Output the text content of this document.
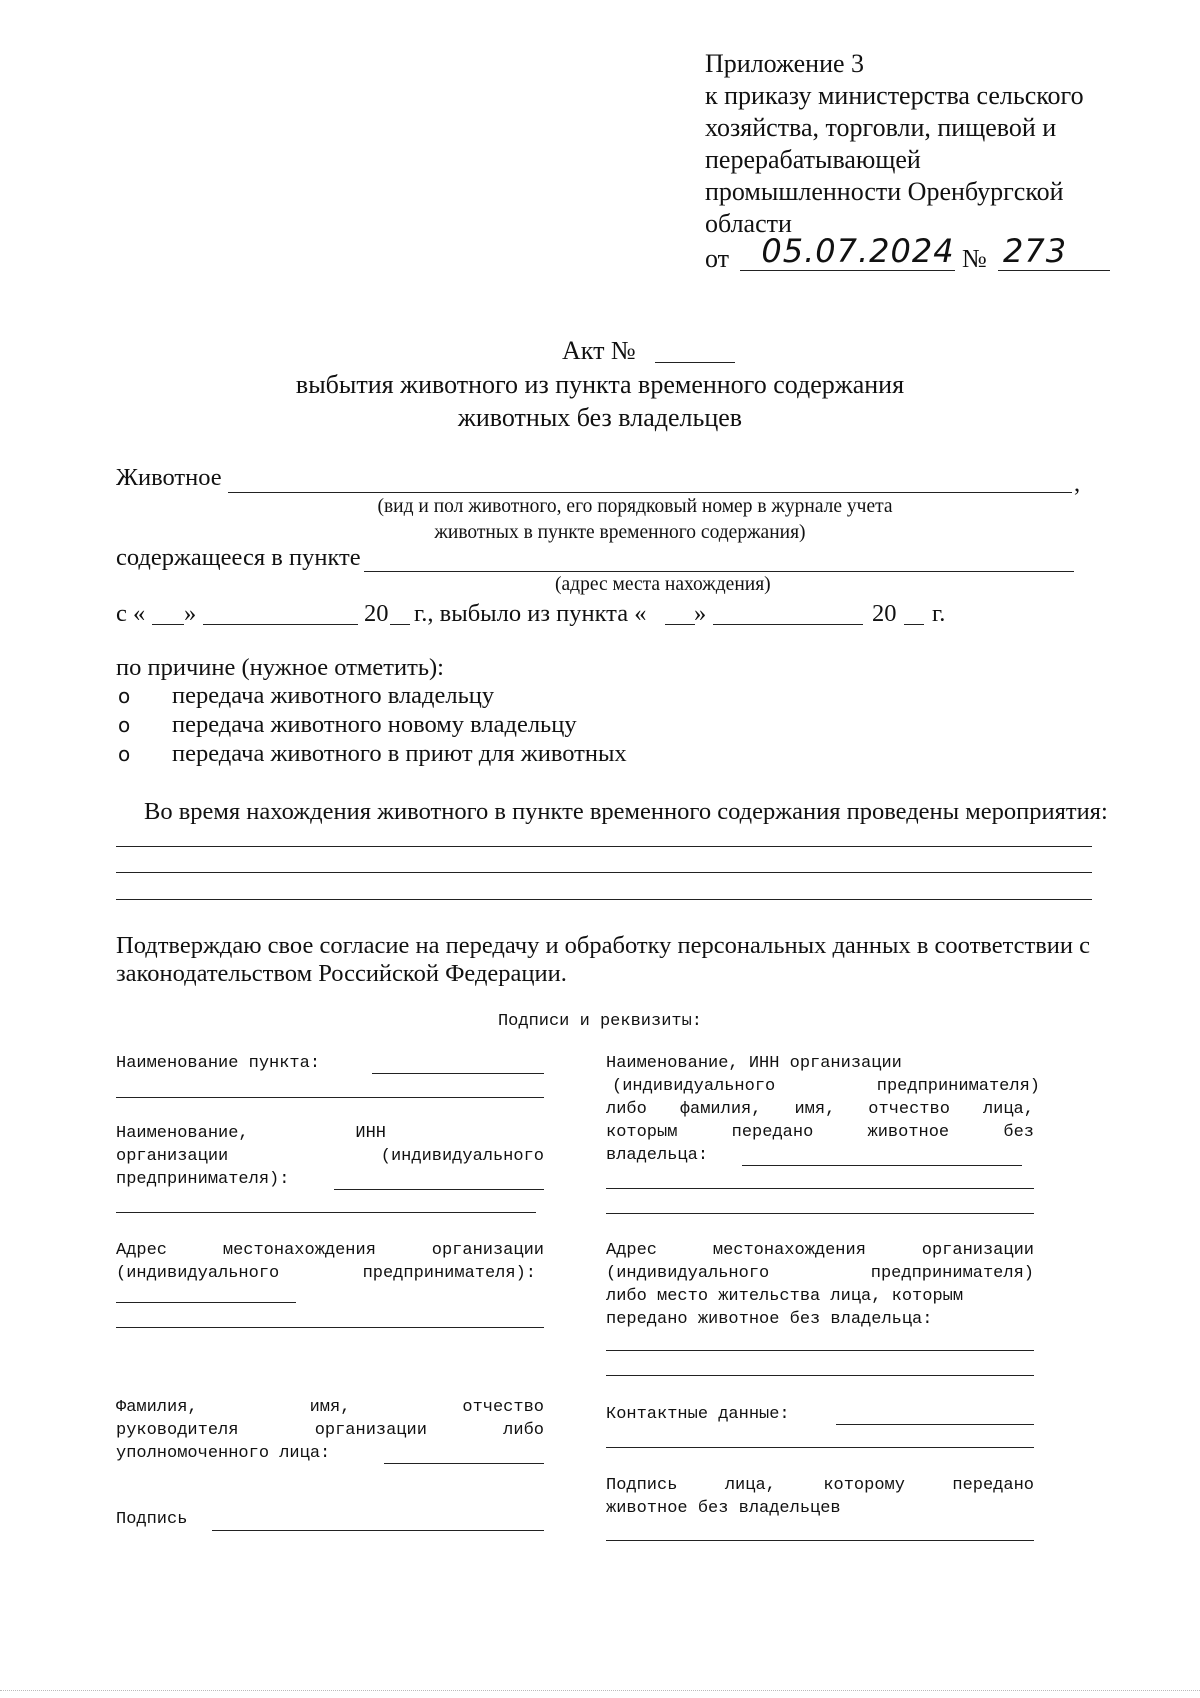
Приложение 3
к приказу министерства сельского
хозяйства, торговли, пищевой и
перерабатывающей
промышленности Оренбургской
области
от 05.07.2024 № 273
Акт №
выбытия животного из пункта временного содержания
животных без владельцев
Животное	,
(вид и пол животного, его порядковый номер в журнале учета
животных в пункте временного содержания)
содержащееся в пункте
(адрес места нахождения)
с « »	20 г., выбыло из пункта « »	20 г.
по причине (нужное отметить):
о передача животного владельцу
о передача животного новому владельцу
о передача животного в приют для животных
Во время нахождения животного в пункте временного содержания проведены мероприятия:
Подтверждаю свое согласие на передачу и обработку персональных данных в соответствии с
законодательством Российской Федерации.
Подписи и реквизиты:
Наименование пункта:
Наименование,	ИНН
организации	(индивидуального
предпринимателя):
Адрес	местонахождения	организации
(индивидуального	предпринимателя):
Фамилия,	имя,	отчество
руководителя	организации	либо
уполномоченного лица:
Подпись
Наименование, ИНН организации
(индивидуального	предпринимателя)
либо фамилия, имя, отчество лица,
которым	передано	животное	без
владельца:
Адрес	местонахождения	организации
(индивидуального	предпринимателя)
либо место жительства лица, которым
передано животное без владельца:
Контактные данные:
Подпись	лица,	которому	передано
животное без владельцев
